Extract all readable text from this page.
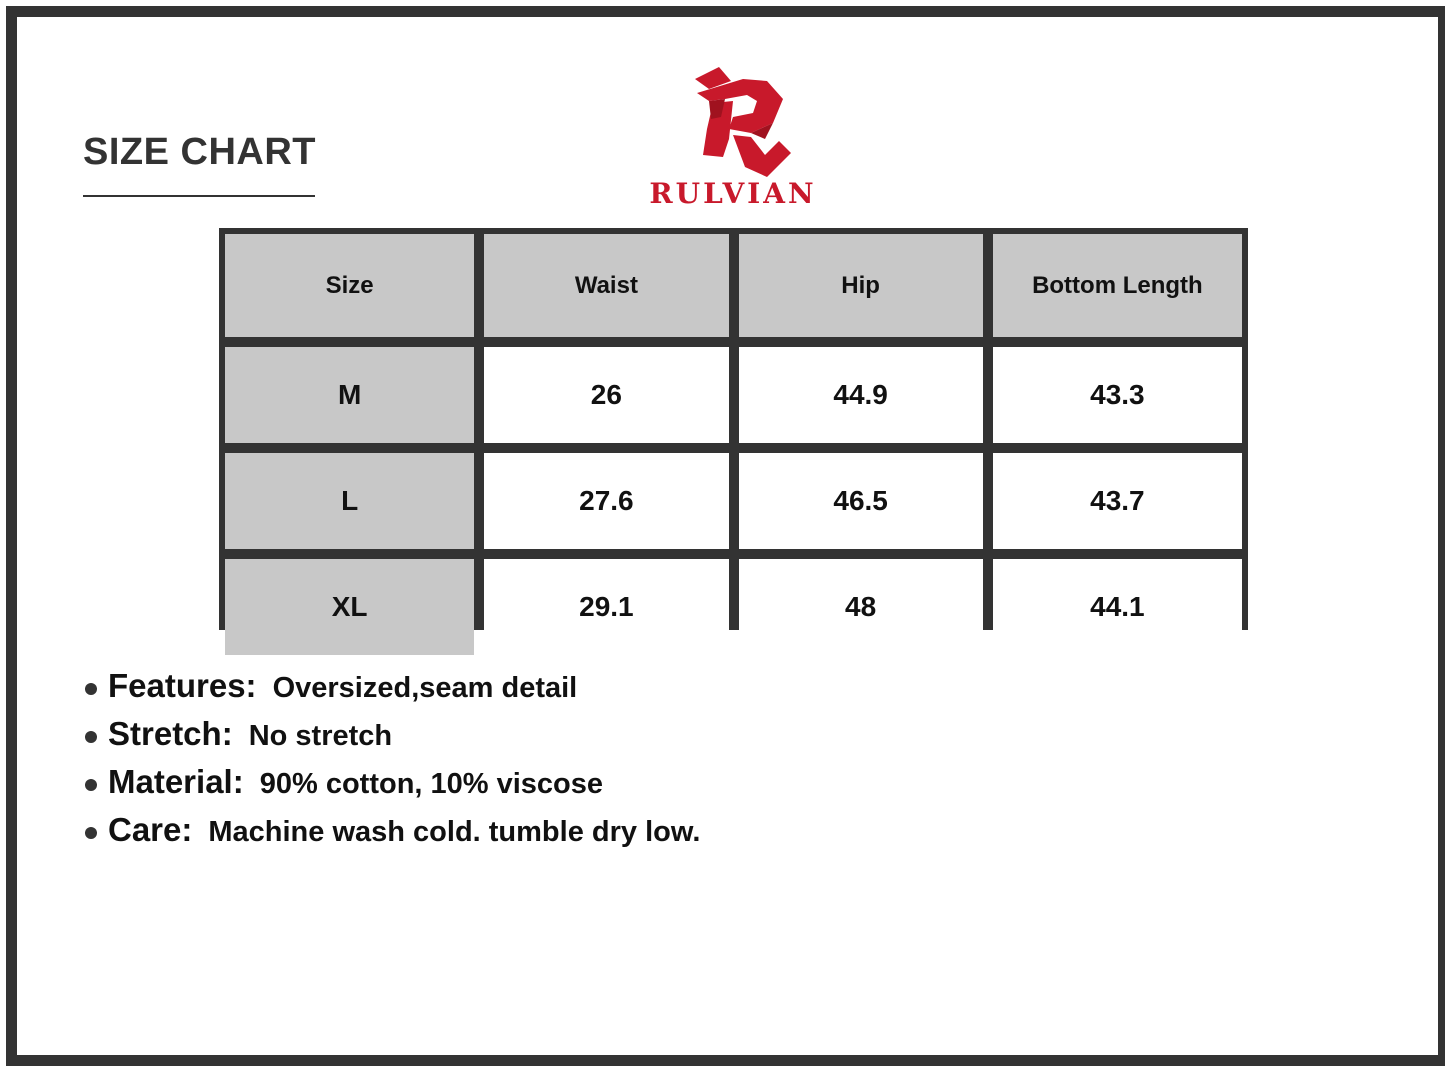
SIZE CHART
RULVIAN
Size	Waist	Hip	Bottom Length

M	26	44.9	43.3

L	27.6	46.5	43.7

XL	29.1	48	44.1
Features: Oversized,seam detail
Stretch: No stretch
Material: 90% cotton, 10% viscose
Care: Machine wash cold. tumble dry low.
